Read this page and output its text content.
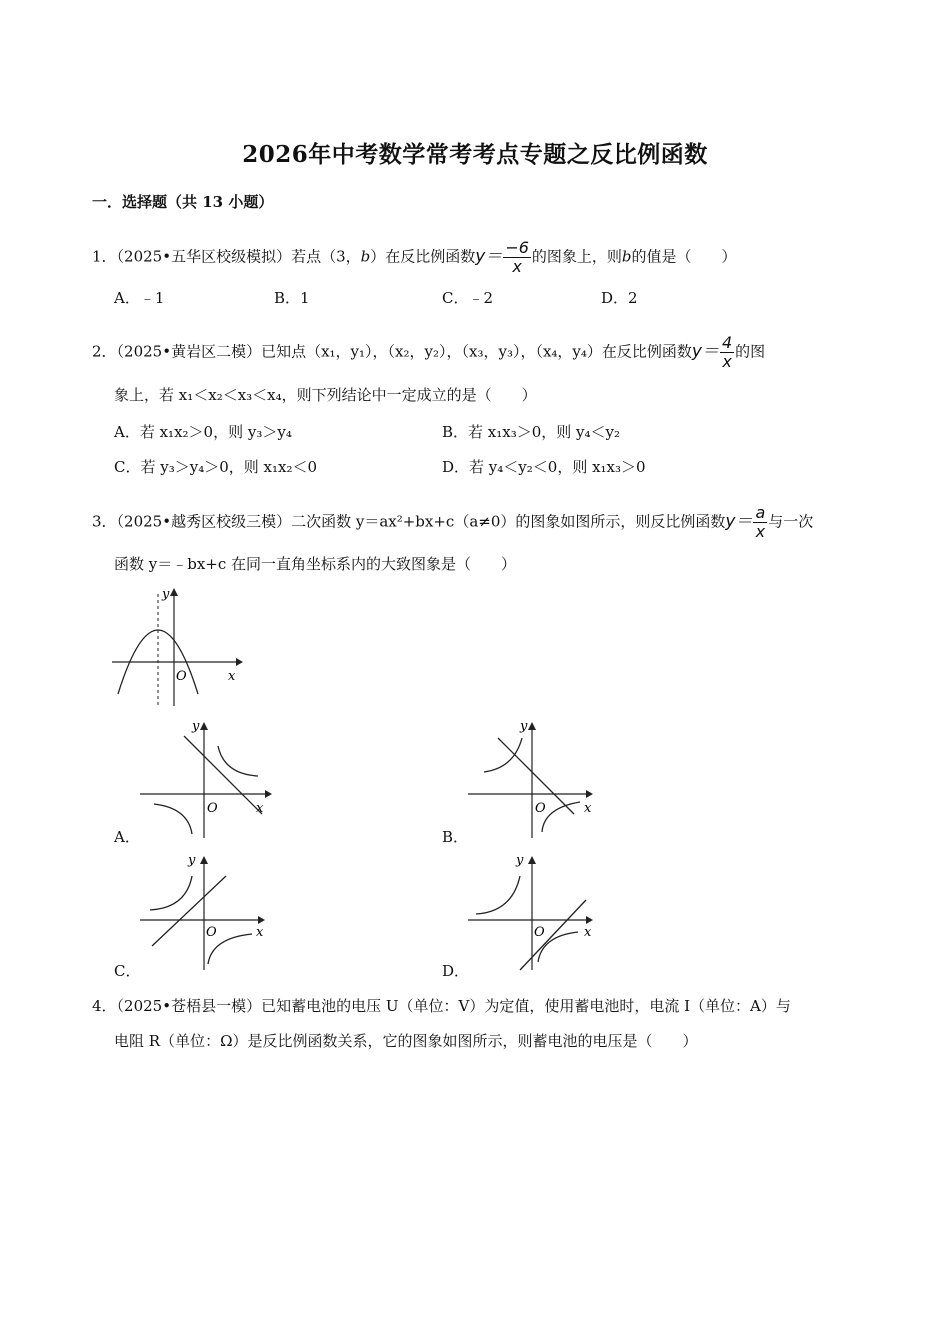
2026年中考数学常考考点专题之反比例函数
一．选择题（共 13 小题）
1．（2025•五华区校级模拟）若点（3，b）在反比例函数$y= \frac{-6}{x}$ 的图象上，则b的值是（　　）
A．﹣1	B．1	C．﹣2	D．2
2．（2025•黄岩区二模）已知点（x₁，y₁），（x₂，y₂），（x₃，y₃），（x₄，y₄）在反比例函数$y= \frac{4}{x}$ 的图
象上，若 x₁＜x₂＜x₃＜x₄，则下列结论中一定成立的是（　　）
A．若 x₁x₂＞0，则 y₃＞y₄	B．若 x₁x₃＞0，则 y₄＜y₂
C．若 y₃＞y₄＞0，则 x₁x₂＜0	D．若 y₄＜y₂＜0，则 x₁x₃＞0
3．（2025•越秀区校级三模）二次函数 y＝ax²+bx+c（a≠0）的图象如图所示，则反比例函数$y= \frac{a}{x}$ 与一次
函数 y＝﹣bx+c 在同一直角坐标系内的大致图象是（　　）
y
x
O
y
x
O
A．
y
x
O
B．
y
x
O
C．
y
x
O
D．
4．（2025•苍梧县一模）已知蓄电池的电压 U（单位：V）为定值，使用蓄电池时，电流 I（单位：A）与
电阻 R（单位：Ω）是反比例函数关系，它的图象如图所示，则蓄电池的电压是（　　）
